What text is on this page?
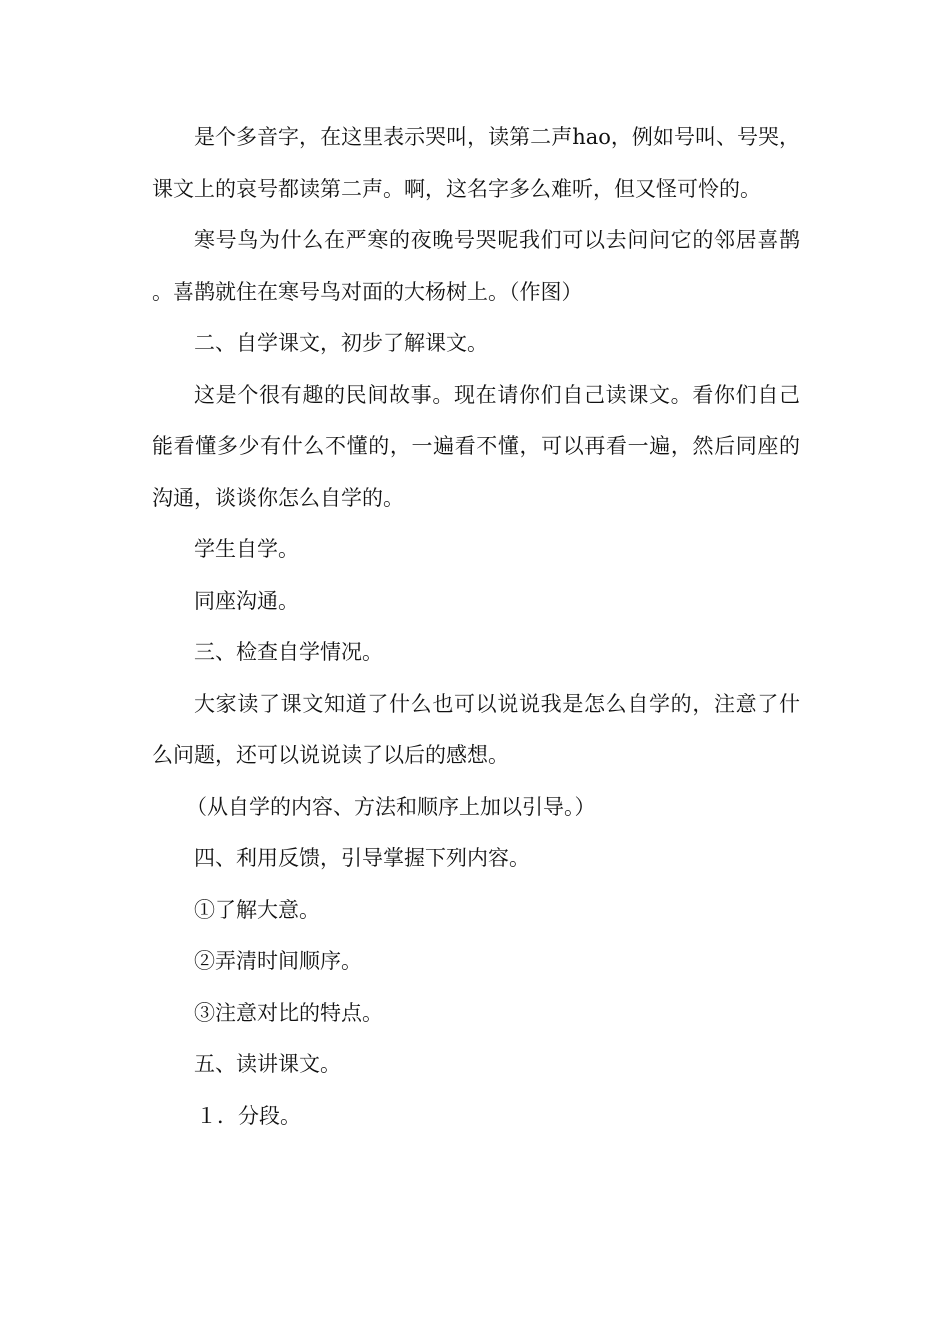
是个多音字，在这里表示哭叫，读第二声hao，例如号叫、号哭，课文上的哀号都读第二声。啊，这名字多么难听，但又怪可怜的。

寒号鸟为什么在严寒的夜晚号哭呢我们可以去问问它的邻居喜鹊。喜鹊就住在寒号鸟对面的大杨树上。（作图）

二、自学课文，初步了解课文。

这是个很有趣的民间故事。现在请你们自己读课文。看你们自己能看懂多少有什么不懂的，一遍看不懂，可以再看一遍，然后同座的沟通，谈谈你怎么自学的。

学生自学。

同座沟通。

三、检查自学情况。

大家读了课文知道了什么也可以说说我是怎么自学的，注意了什么问题，还可以说说读了以后的感想。

（从自学的内容、方法和顺序上加以引导。）

四、利用反馈，引导掌握下列内容。

①了解大意。

②弄清时间顺序。

③注意对比的特点。

五、读讲课文。

１．分段。
